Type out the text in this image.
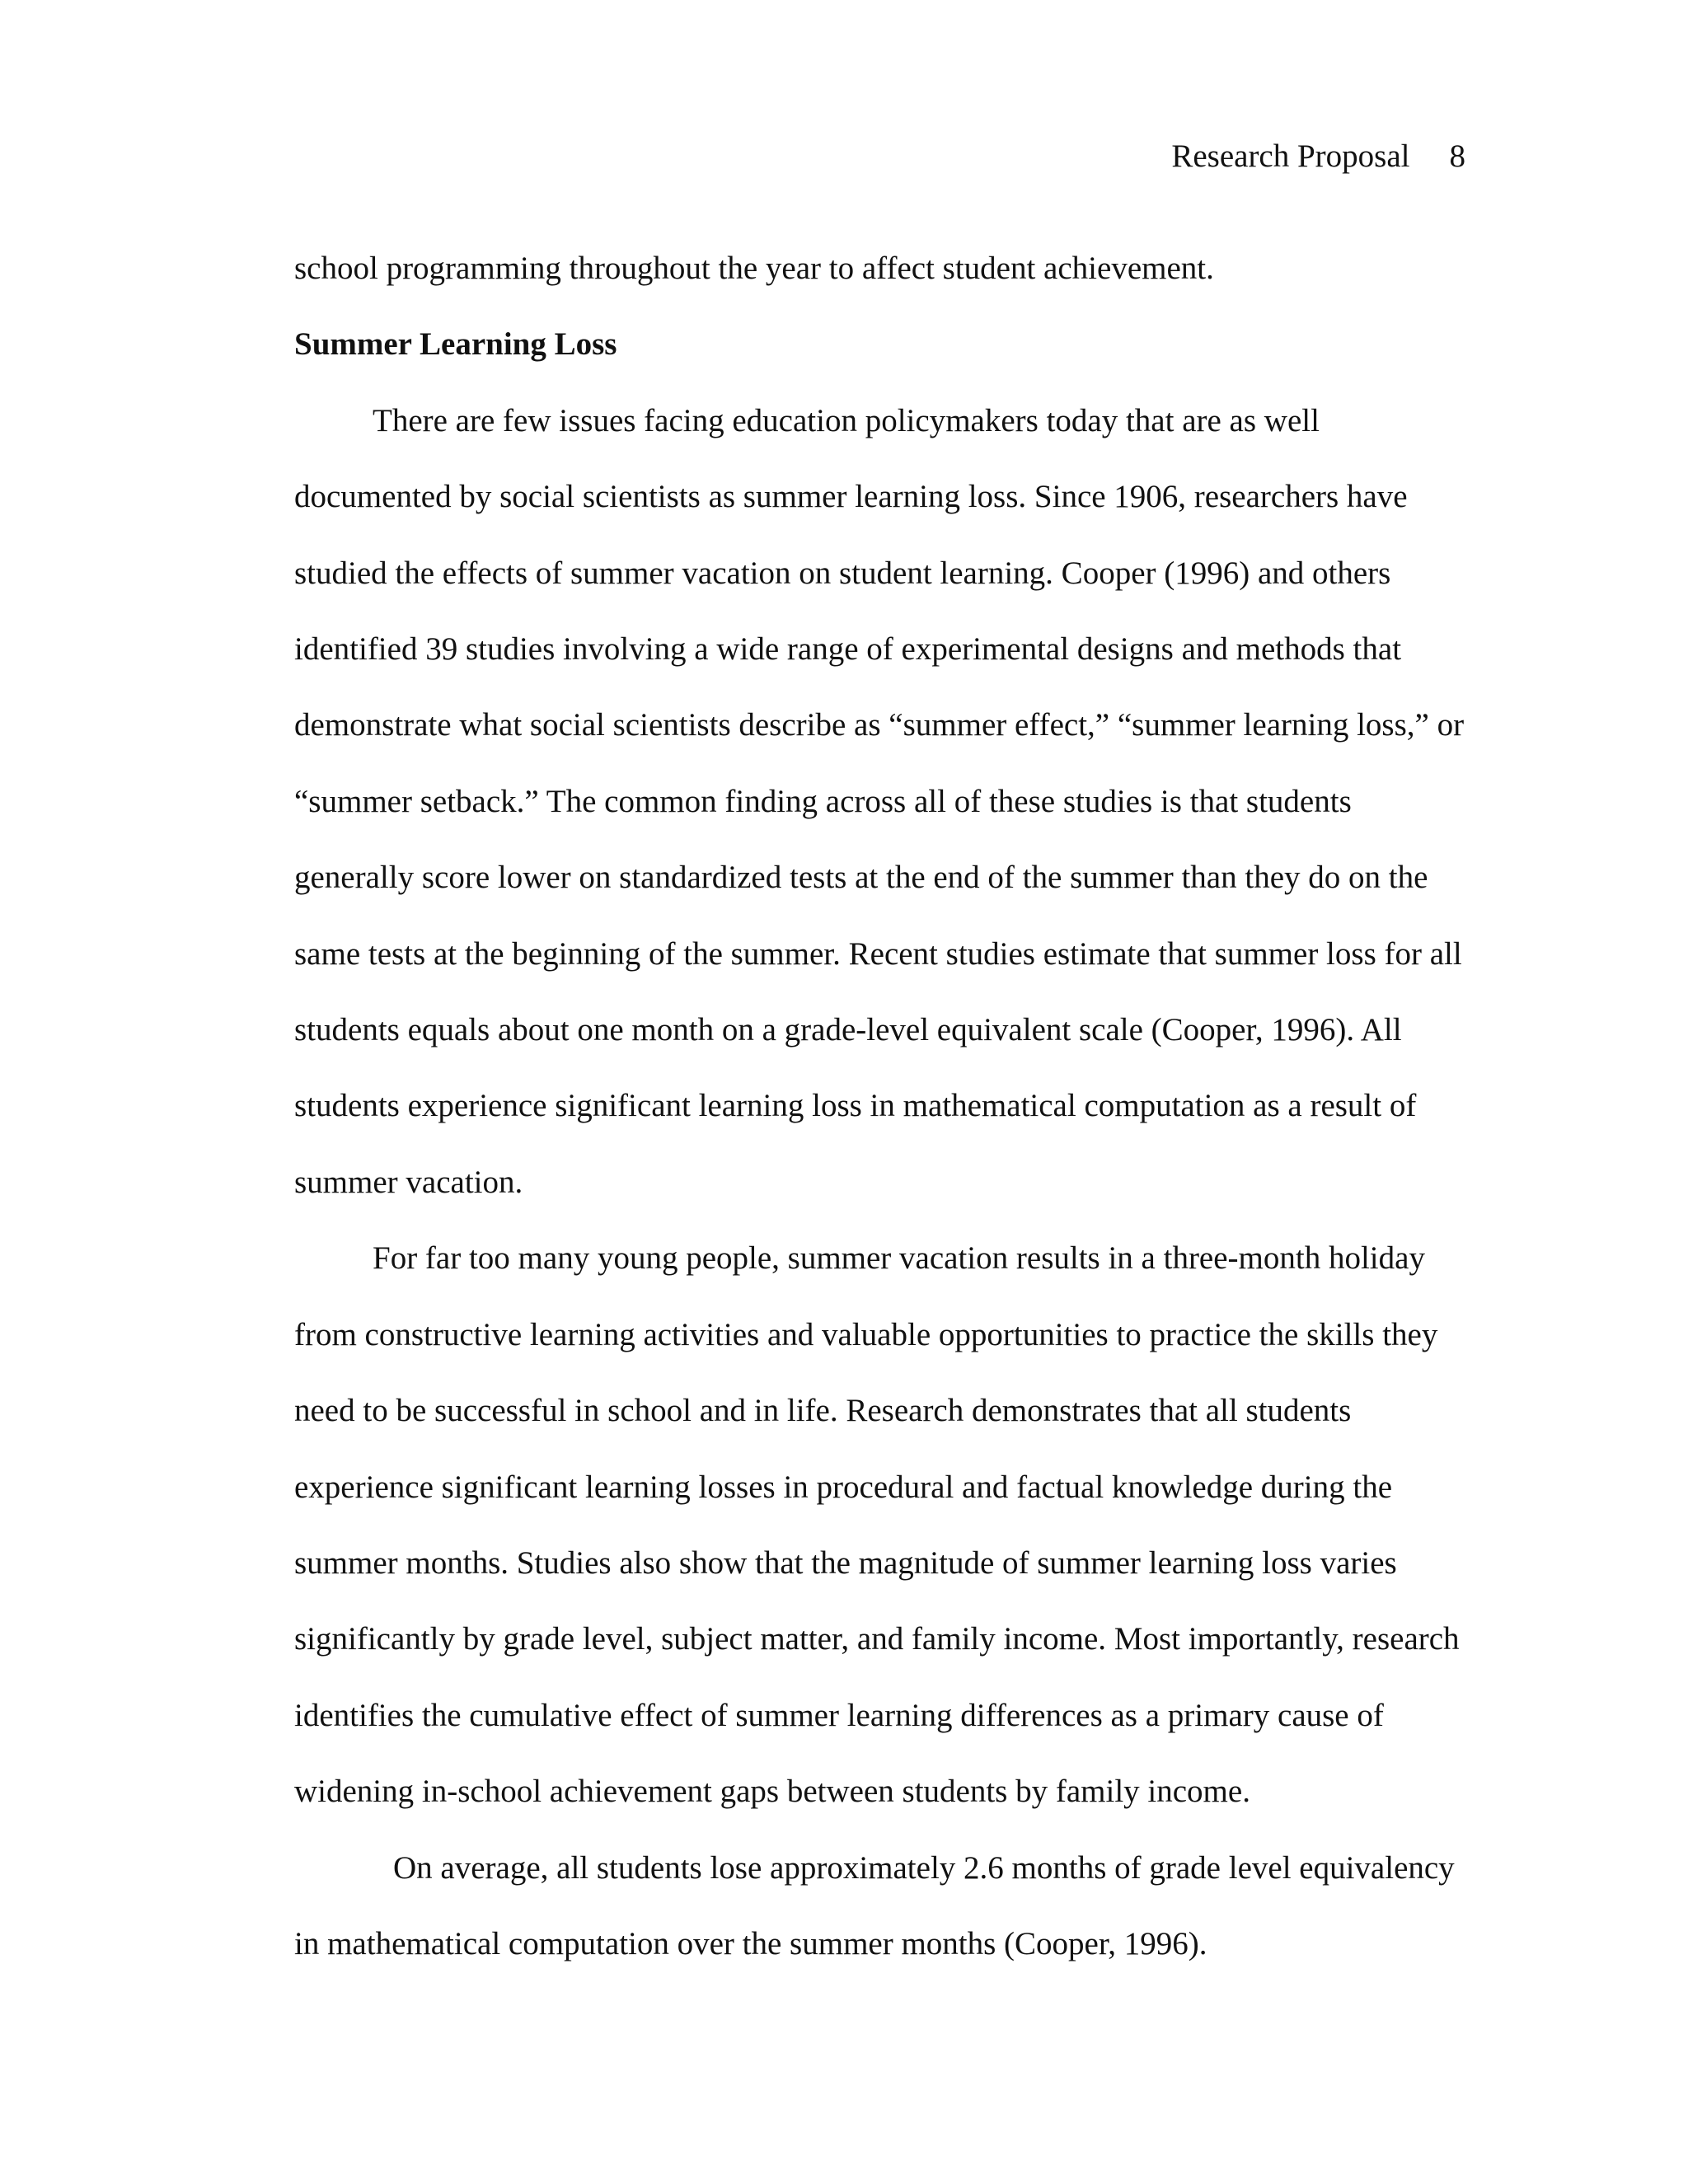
Research Proposal 8

school programming throughout the year to affect student achievement.

Summer Learning Loss

There are few issues facing education policymakers today that are as well documented by social scientists as summer learning loss. Since 1906, researchers have studied the effects of summer vacation on student learning. Cooper (1996) and others identified 39 studies involving a wide range of experimental designs and methods that demonstrate what social scientists describe as “summer effect,” “summer learning loss,” or “summer setback.” The common finding across all of these studies is that students generally score lower on standardized tests at the end of the summer than they do on the same tests at the beginning of the summer. Recent studies estimate that summer loss for all students equals about one month on a grade-level equivalent scale (Cooper, 1996). All students experience significant learning loss in mathematical computation as a result of summer vacation.

For far too many young people, summer vacation results in a three-month holiday from constructive learning activities and valuable opportunities to practice the skills they need to be successful in school and in life. Research demonstrates that all students experience significant learning losses in procedural and factual knowledge during the summer months. Studies also show that the magnitude of summer learning loss varies significantly by grade level, subject matter, and family income. Most importantly, research identifies the cumulative effect of summer learning differences as a primary cause of widening in-school achievement gaps between students by family income.

On average, all students lose approximately 2.6 months of grade level equivalency in mathematical computation over the summer months (Cooper, 1996).
